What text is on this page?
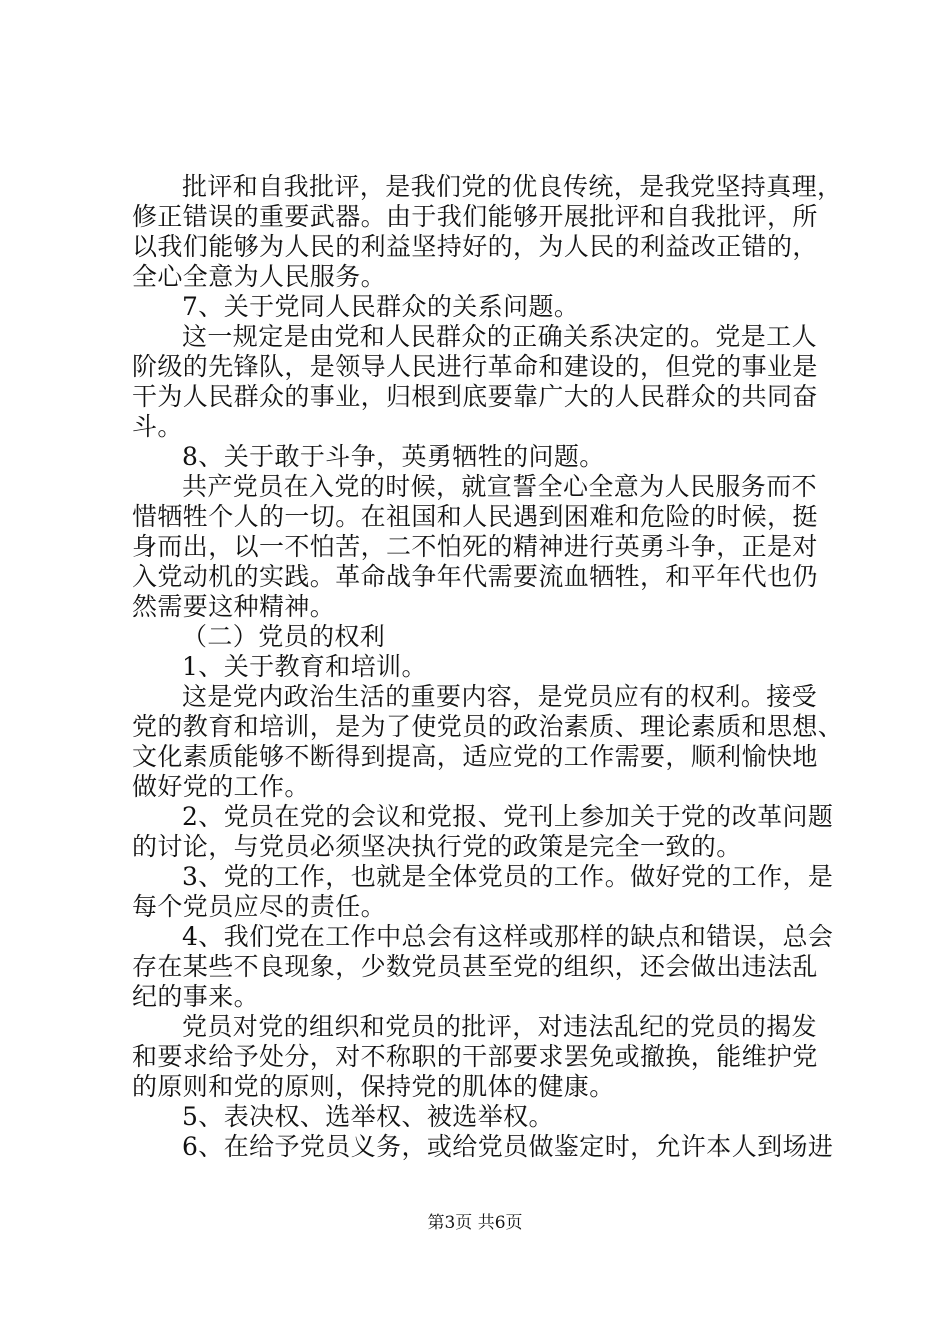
批评和自我批评，是我们党的优良传统，是我党坚持真理，
修正错误的重要武器。由于我们能够开展批评和自我批评，所
以我们能够为人民的利益坚持好的，为人民的利益改正错的，
全心全意为人民服务。
7、关于党同人民群众的关系问题。
这一规定是由党和人民群众的正确关系决定的。党是工人
阶级的先锋队，是领导人民进行革命和建设的，但党的事业是
干为人民群众的事业，归根到底要靠广大的人民群众的共同奋
斗。
8、关于敢于斗争，英勇牺牲的问题。
共产党员在入党的时候，就宣誓全心全意为人民服务而不
惜牺牲个人的一切。在祖国和人民遇到困难和危险的时候，挺
身而出，以一不怕苦，二不怕死的精神进行英勇斗争，正是对
入党动机的实践。革命战争年代需要流血牺牲，和平年代也仍
然需要这种精神。
（二）党员的权利
1、关于教育和培训。
这是党内政治生活的重要内容，是党员应有的权利。接受
党的教育和培训，是为了使党员的政治素质、理论素质和思想、
文化素质能够不断得到提高，适应党的工作需要，顺利愉快地
做好党的工作。
2、党员在党的会议和党报、党刊上参加关于党的改革问题
的讨论，与党员必须坚决执行党的政策是完全一致的。
3、党的工作，也就是全体党员的工作。做好党的工作，是
每个党员应尽的责任。
4、我们党在工作中总会有这样或那样的缺点和错误，总会
存在某些不良现象，少数党员甚至党的组织，还会做出违法乱
纪的事来。
党员对党的组织和党员的批评，对违法乱纪的党员的揭发
和要求给予处分，对不称职的干部要求罢免或撤换，能维护党
的原则和党的原则，保持党的肌体的健康。
5、表决权、选举权、被选举权。
6、在给予党员义务，或给党员做鉴定时，允许本人到场进
第3页 共6页
